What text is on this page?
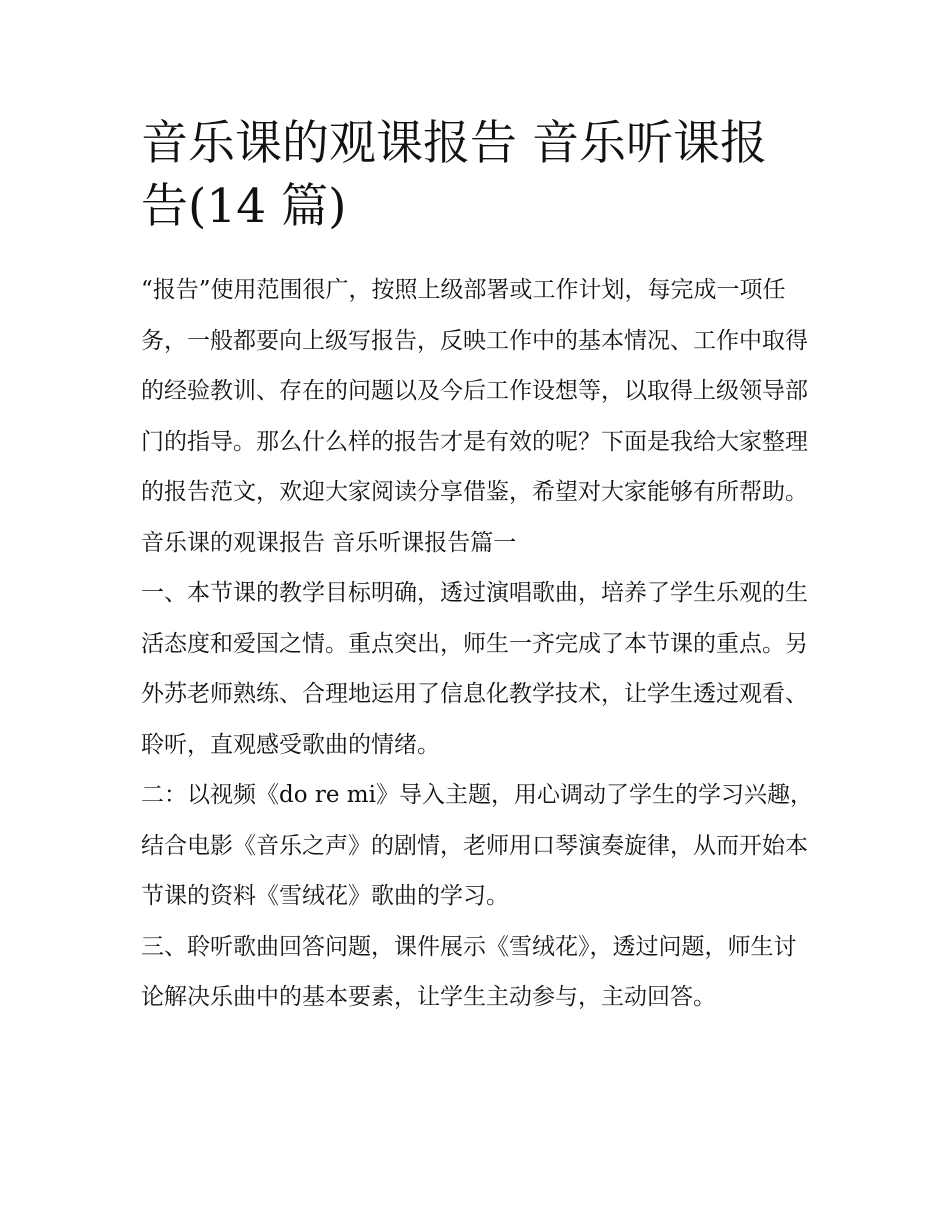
音乐课的观课报告 音乐听课报告(14 篇)

“报告”使用范围很广，按照上级部署或工作计划，每完成一项任务，一般都要向上级写报告，反映工作中的基本情况、工作中取得的经验教训、存在的问题以及今后工作设想等，以取得上级领导部门的指导。那么什么样的报告才是有效的呢？下面是我给大家整理的报告范文，欢迎大家阅读分享借鉴，希望对大家能够有所帮助。

音乐课的观课报告 音乐听课报告篇一

一、本节课的教学目标明确，透过演唱歌曲，培养了学生乐观的生活态度和爱国之情。重点突出，师生一齐完成了本节课的重点。另外苏老师熟练、合理地运用了信息化教学技术，让学生透过观看、聆听，直观感受歌曲的情绪。

二：以视频《do re mi》导入主题，用心调动了学生的学习兴趣，结合电影《音乐之声》的剧情，老师用口琴演奏旋律，从而开始本节课的资料《雪绒花》歌曲的学习。

三、聆听歌曲回答问题，课件展示《雪绒花》，透过问题，师生讨论解决乐曲中的基本要素，让学生主动参与，主动回答。
